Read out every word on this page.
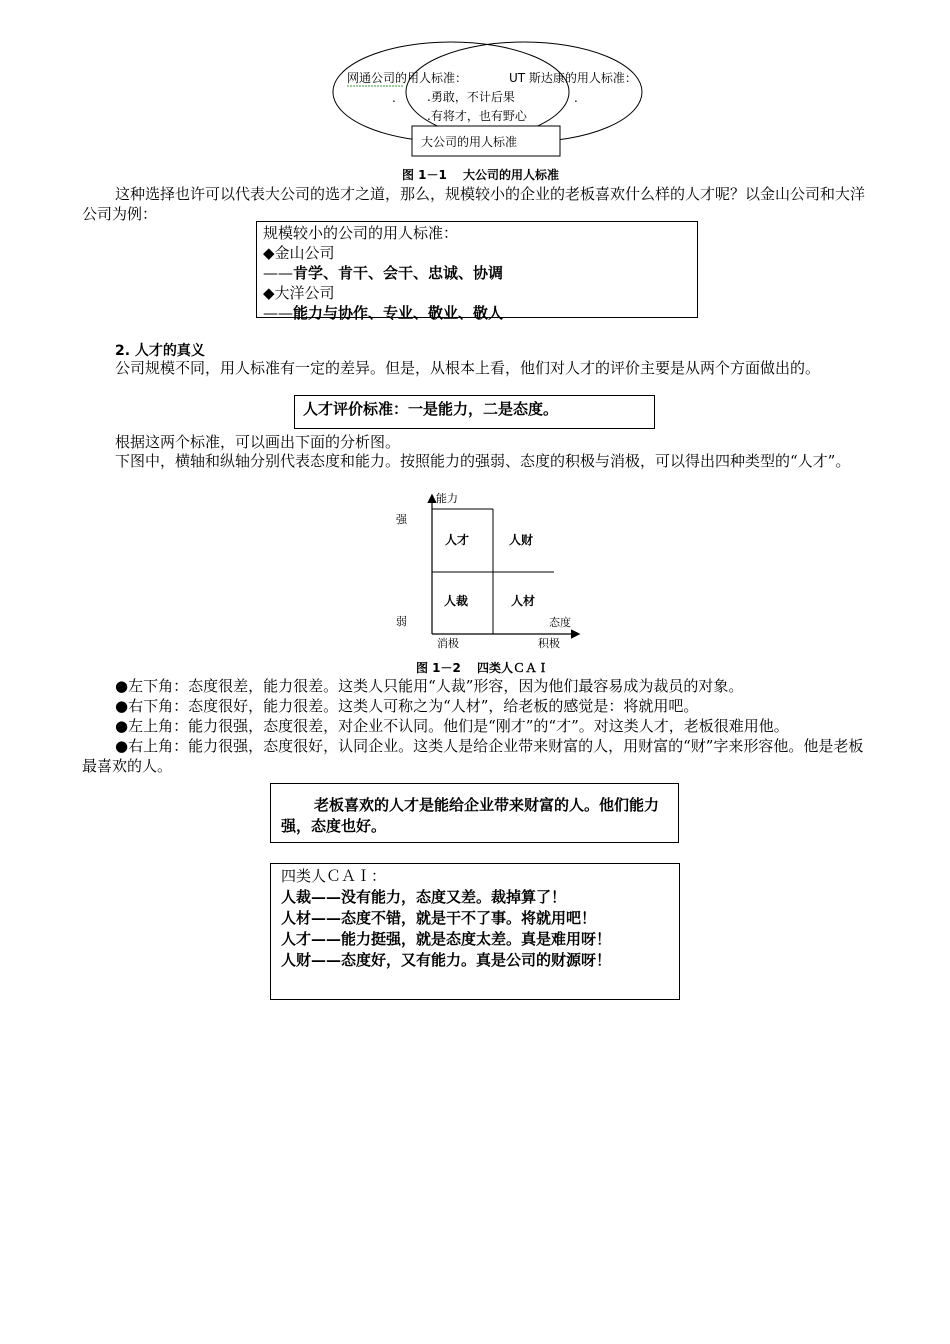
网通公司的用人标准：	UT 斯达康的用人标准：
.	.
.勇敢，不计后果
.有将才，也有野心
大公司的用人标准
图 1－1　 大公司的用人标准
这种选择也许可以代表大公司的选才之道，那么，规模较小的企业的老板喜欢什么样的人才呢？以金山公司和大洋公司为例：
规模较小的公司的用人标准：
◆金山公司
——肯学、肯干、会干、忠诚、协调
◆大洋公司
——能力与协作、专业、敬业、敬人
2. 人才的真义
公司规模不同，用人标准有一定的差异。但是，从根本上看，他们对人才的评价主要是从两个方面做出的。
人才评价标准：一是能力，二是态度。
根据这两个标准，可以画出下面的分析图。
下图中，横轴和纵轴分别代表态度和能力。按照能力的强弱、态度的积极与消极，可以得出四种类型的“人才”。
能力
态度
强
弱
消极	积极
人才	人财
人裁	人材
图 1－2　 四类人ＣＡＩ
●左下角：态度很差，能力很差。这类人只能用“人裁”形容，因为他们最容易成为裁员的对象。
●右下角：态度很好，能力很差。这类人可称之为“人材”，给老板的感觉是：将就用吧。
●左上角：能力很强，态度很差，对企业不认同。他们是“刚才”的“才”。对这类人才，老板很难用他。
●右上角：能力很强，态度很好，认同企业。这类人是给企业带来财富的人，用财富的“财”字来形容他。他是老板最喜欢的人。
老板喜欢的人才是能给企业带来财富的人。他们能力强，态度也好。
四类人ＣＡＩ：
人裁——没有能力，态度又差。裁掉算了！
人材——态度不错，就是干不了事。将就用吧！
人才——能力挺强，就是态度太差。真是难用呀！
人财——态度好，又有能力。真是公司的财源呀！
